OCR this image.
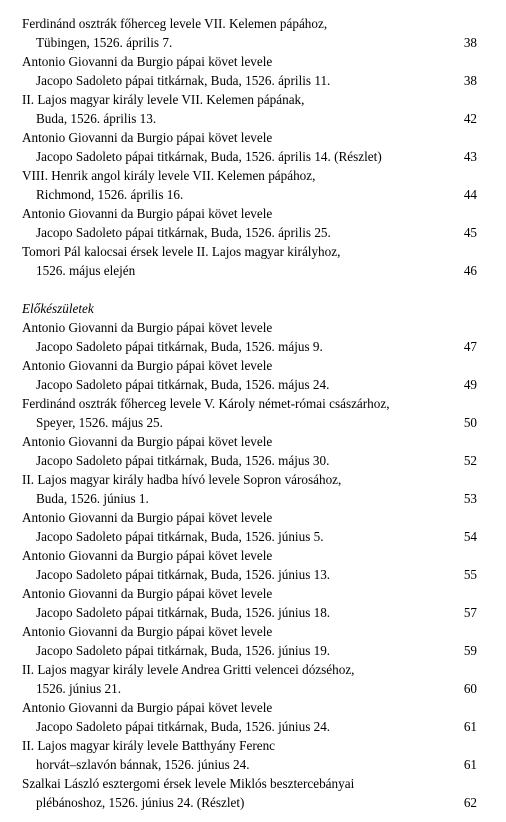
Ferdinánd osztrák főherceg levele VII. Kelemen pápához,
Tübingen, 1526. április 7.	38
Antonio Giovanni da Burgio pápai követ levele
Jacopo Sadoleto pápai titkárnak, Buda, 1526. április 11.	38
II. Lajos magyar király levele VII. Kelemen pápának,
Buda, 1526. április 13.	42
Antonio Giovanni da Burgio pápai követ levele
Jacopo Sadoleto pápai titkárnak, Buda, 1526. április 14. (Részlet)	43
VIII. Henrik angol király levele VII. Kelemen pápához,
Richmond, 1526. április 16.	44
Antonio Giovanni da Burgio pápai követ levele
Jacopo Sadoleto pápai titkárnak, Buda, 1526. április 25.	45
Tomori Pál kalocsai érsek levele II. Lajos magyar királyhoz,
1526. május elején	46
Előkészületek
Antonio Giovanni da Burgio pápai követ levele
Jacopo Sadoleto pápai titkárnak, Buda, 1526. május 9.	47
Antonio Giovanni da Burgio pápai követ levele
Jacopo Sadoleto pápai titkárnak, Buda, 1526. május 24.	49
Ferdinánd osztrák főherceg levele V. Károly német-római császárhoz,
Speyer, 1526. május 25.	50
Antonio Giovanni da Burgio pápai követ levele
Jacopo Sadoleto pápai titkárnak, Buda, 1526. május 30.	52
II. Lajos magyar király hadba hívó levele Sopron városához,
Buda, 1526. június 1.	53
Antonio Giovanni da Burgio pápai követ levele
Jacopo Sadoleto pápai titkárnak, Buda, 1526. június 5.	54
Antonio Giovanni da Burgio pápai követ levele
Jacopo Sadoleto pápai titkárnak, Buda, 1526. június 13.	55
Antonio Giovanni da Burgio pápai követ levele
Jacopo Sadoleto pápai titkárnak, Buda, 1526. június 18.	57
Antonio Giovanni da Burgio pápai követ levele
Jacopo Sadoleto pápai titkárnak, Buda, 1526. június 19.	59
II. Lajos magyar király levele Andrea Gritti velencei dózséhoz,
1526. június 21.	60
Antonio Giovanni da Burgio pápai követ levele
Jacopo Sadoleto pápai titkárnak, Buda, 1526. június 24.	61
II. Lajos magyar király levele Batthyány Ferenc
horvát–szlavón bánnak, 1526. június 24.	61
Szalkai László esztergomi érsek levele Miklós besztercebányai
plébánoshoz, 1526. június 24. (Részlet)	62
